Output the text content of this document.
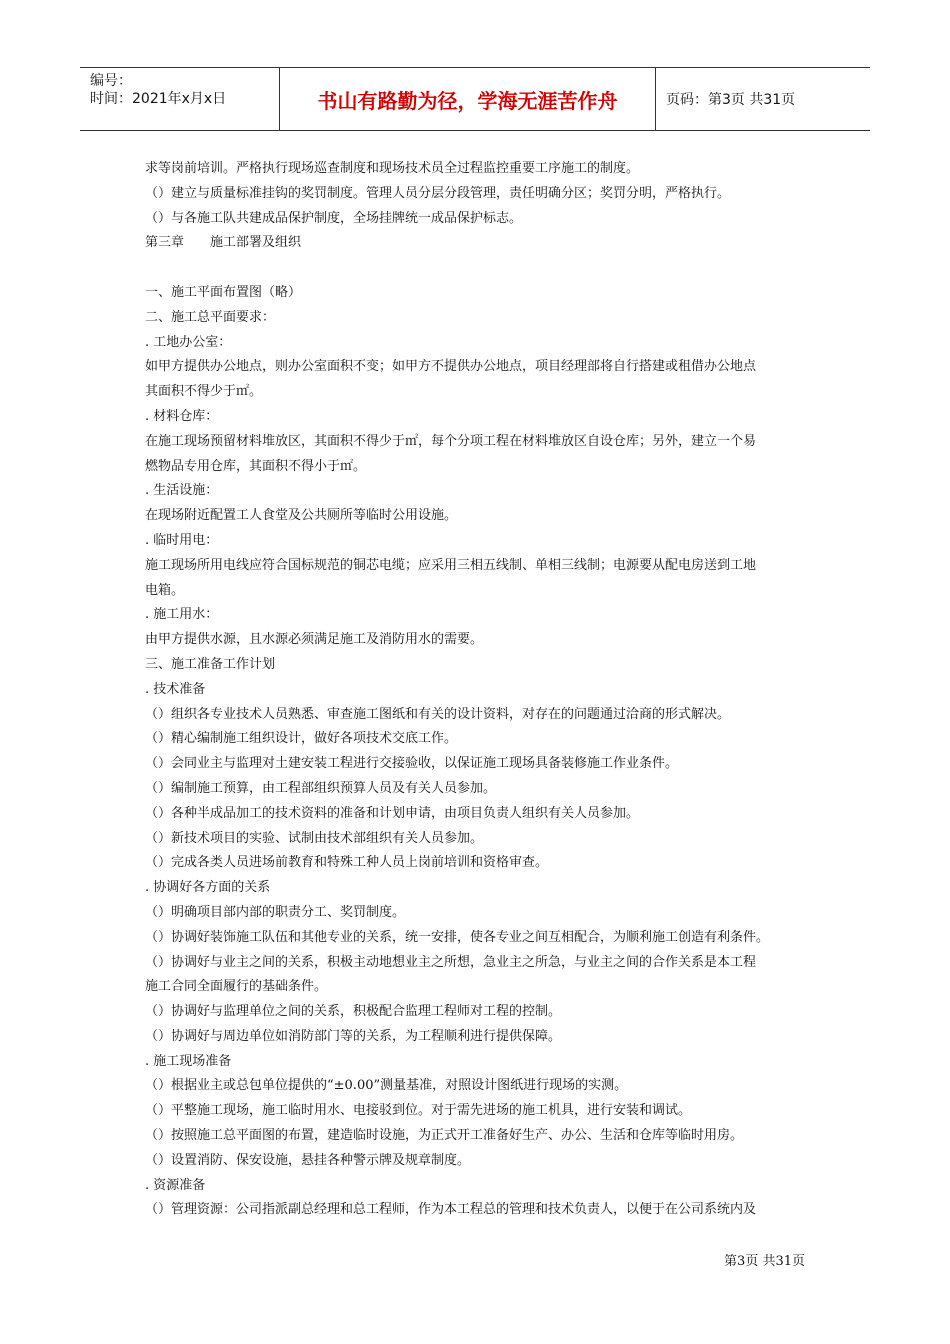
编号：
时间：2021年x月x日	书山有路勤为径，学海无涯苦作舟	页码：第3页 共31页
求等岗前培训。严格执行现场巡查制度和现场技术员全过程监控重要工序施工的制度。
（）建立与质量标准挂钩的奖罚制度。管理人员分层分段管理，责任明确分区；奖罚分明，严格执行。
（）与各施工队共建成品保护制度，全场挂牌统一成品保护标志。
第三章　　施工部署及组织
一、施工平面布置图（略）
二、施工总平面要求：
. 工地办公室：
如甲方提供办公地点，则办公室面积不变；如甲方不提供办公地点，项目经理部将自行搭建或租借办公地点
其面积不得少于㎡。
. 材料仓库：
在施工现场预留材料堆放区，其面积不得少于㎡，每个分项工程在材料堆放区自设仓库；另外，建立一个易
燃物品专用仓库，其面积不得小于㎡。
. 生活设施：
在现场附近配置工人食堂及公共厕所等临时公用设施。
. 临时用电：
施工现场所用电线应符合国标规范的铜芯电缆；应采用三相五线制、单相三线制；电源要从配电房送到工地
电箱。
. 施工用水：
由甲方提供水源，且水源必须满足施工及消防用水的需要。
三、施工准备工作计划
. 技术准备
（）组织各专业技术人员熟悉、审查施工图纸和有关的设计资料，对存在的问题通过洽商的形式解决。
（）精心编制施工组织设计，做好各项技术交底工作。
（）会同业主与监理对土建安装工程进行交接验收，以保证施工现场具备装修施工作业条件。
（）编制施工预算，由工程部组织预算人员及有关人员参加。
（）各种半成品加工的技术资料的准备和计划申请，由项目负责人组织有关人员参加。
（）新技术项目的实验、试制由技术部组织有关人员参加。
（）完成各类人员进场前教育和特殊工种人员上岗前培训和资格审查。
. 协调好各方面的关系
（）明确项目部内部的职责分工、奖罚制度。
（）协调好装饰施工队伍和其他专业的关系，统一安排，使各专业之间互相配合，为顺利施工创造有利条件。
（）协调好与业主之间的关系，积极主动地想业主之所想，急业主之所急，与业主之间的合作关系是本工程
施工合同全面履行的基础条件。
（）协调好与监理单位之间的关系，积极配合监理工程师对工程的控制。
（）协调好与周边单位如消防部门等的关系，为工程顺利进行提供保障。
. 施工现场准备
（）根据业主或总包单位提供的“±0.00”测量基准，对照设计图纸进行现场的实测。
（）平整施工现场，施工临时用水、电接驳到位。对于需先进场的施工机具，进行安装和调试。
（）按照施工总平面图的布置，建造临时设施，为正式开工准备好生产、办公、生活和仓库等临时用房。
（）设置消防、保安设施，悬挂各种警示牌及规章制度。
. 资源准备
（）管理资源：公司指派副总经理和总工程师，作为本工程总的管理和技术负责人，以便于在公司系统内及
第3页 共31页
